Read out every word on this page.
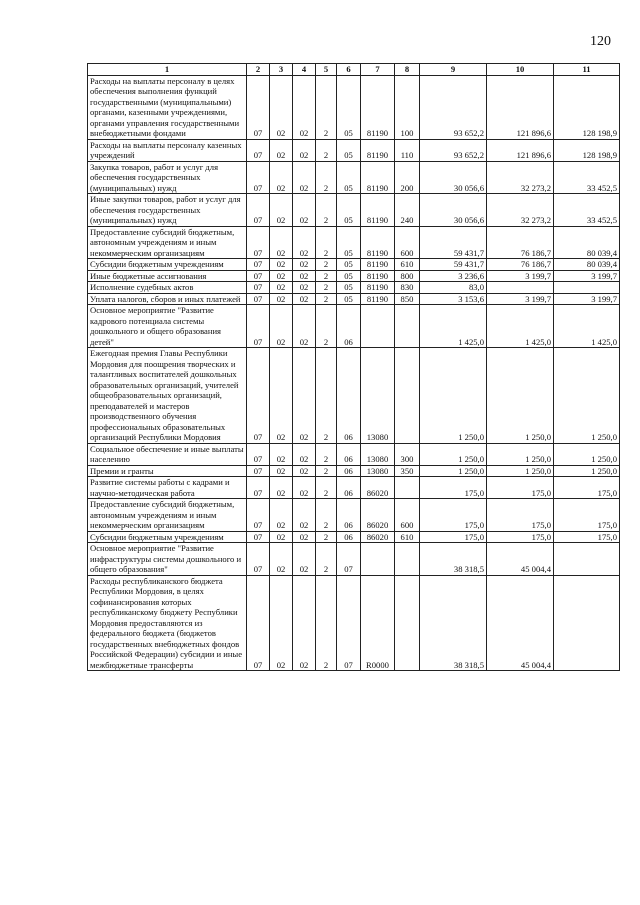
120
1	2	3	4	5	6	7	8	9	10	11
Расходы на выплаты персоналу в целях обеспечения выполнения функций государственными (муниципальными) органами, казенными учреждениями, органами управления государственными внебюджетными фондами	07	02	02	2	05	81190	100	93 652,2	121 896,6	128 198,9
Расходы на выплаты персоналу казенных учреждений	07	02	02	2	05	81190	110	93 652,2	121 896,6	128 198,9
Закупка товаров, работ и услуг для обеспечения государственных (муниципальных) нужд	07	02	02	2	05	81190	200	30 056,6	32 273,2	33 452,5
Иные закупки товаров, работ и услуг для обеспечения государственных (муниципальных) нужд	07	02	02	2	05	81190	240	30 056,6	32 273,2	33 452,5
Предоставление субсидий бюджетным, автономным учреждениям и иным некоммерческим организациям	07	02	02	2	05	81190	600	59 431,7	76 186,7	80 039,4
Субсидии бюджетным учреждениям	07	02	02	2	05	81190	610	59 431,7	76 186,7	80 039,4
Иные бюджетные ассигнования	07	02	02	2	05	81190	800	3 236,6	3 199,7	3 199,7
Исполнение судебных актов	07	02	02	2	05	81190	830	83,0		
Уплата налогов, сборов и иных платежей	07	02	02	2	05	81190	850	3 153,6	3 199,7	3 199,7
Основное мероприятие "Развитие кадрового потенциала системы дошкольного и общего образования детей"	07	02	02	2	06			1 425,0	1 425,0	1 425,0
Ежегодная премия Главы Республики Мордовия для поощрения творческих и талантливых воспитателей дошкольных образовательных организаций, учителей общеобразовательных организаций, преподавателей и мастеров производственного обучения профессиональных образовательных организаций Республики Мордовия	07	02	02	2	06	13080		1 250,0	1 250,0	1 250,0
Социальное обеспечение и иные выплаты населению	07	02	02	2	06	13080	300	1 250,0	1 250,0	1 250,0
Премии и гранты	07	02	02	2	06	13080	350	1 250,0	1 250,0	1 250,0
Развитие системы работы с кадрами и научно-методическая работа	07	02	02	2	06	86020		175,0	175,0	175,0
Предоставление субсидий бюджетным, автономным учреждениям и иным некоммерческим организациям	07	02	02	2	06	86020	600	175,0	175,0	175,0
Субсидии бюджетным учреждениям	07	02	02	2	06	86020	610	175,0	175,0	175,0
Основное мероприятие "Развитие инфраструктуры системы дошкольного и общего образования"	07	02	02	2	07			38 318,5	45 004,4	
Расходы республиканского бюджета Республики Мордовия, в целях софинансирования которых республиканскому бюджету Республики Мордовия предоставляются из федерального бюджета (бюджетов государственных внебюджетных фондов Российской Федерации) субсидии и иные межбюджетные трансферты	07	02	02	2	07	R0000		38 318,5	45 004,4	
